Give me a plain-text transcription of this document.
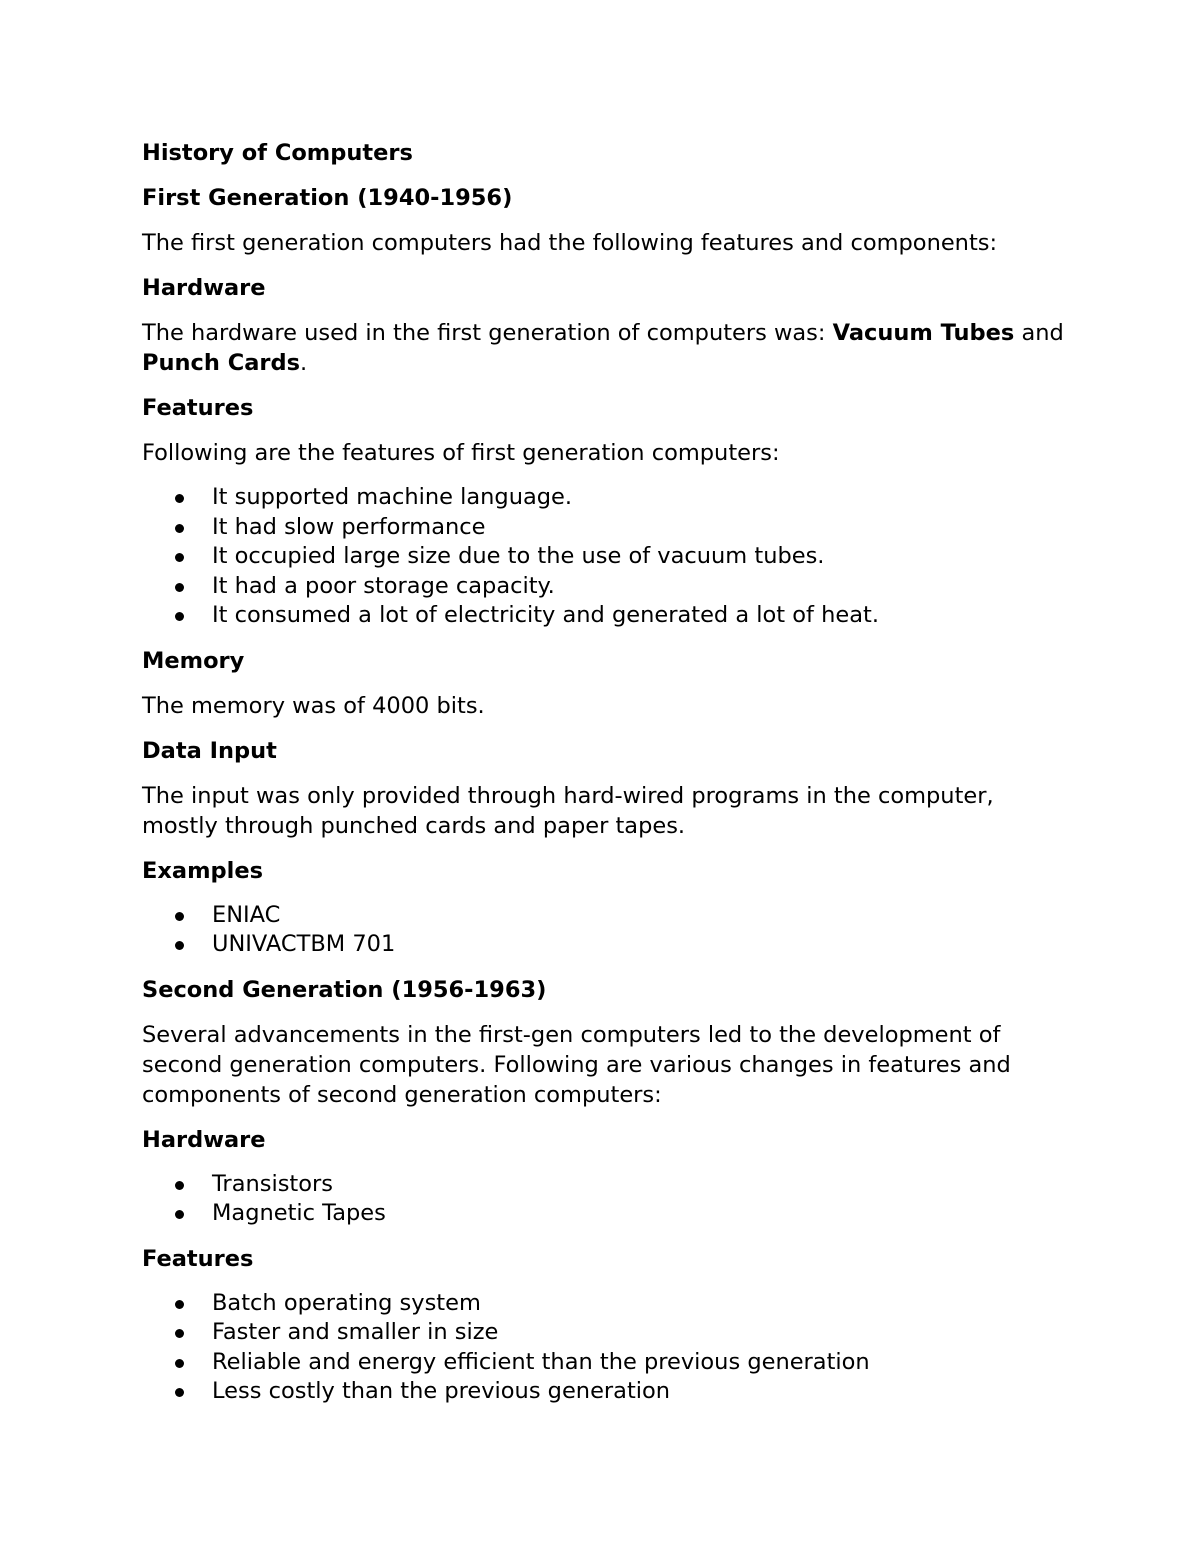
History of Computers
First Generation (1940-1956)
The first generation computers had the following features and components:
Hardware
The hardware used in the first generation of computers was: Vacuum Tubes and Punch Cards.
Features
Following are the features of first generation computers:
It supported machine language.
It had slow performance
It occupied large size due to the use of vacuum tubes.
It had a poor storage capacity.
It consumed a lot of electricity and generated a lot of heat.
Memory
The memory was of 4000 bits.
Data Input
The input was only provided through hard-wired programs in the computer, mostly through punched cards and paper tapes.
Examples
ENIAC
UNIVACTBM 701
Second Generation (1956-1963)
Several advancements in the first-gen computers led to the development of second generation computers. Following are various changes in features and components of second generation computers:
Hardware
Transistors
Magnetic Tapes
Features
Batch operating system
Faster and smaller in size
Reliable and energy efficient than the previous generation
Less costly than the previous generation
